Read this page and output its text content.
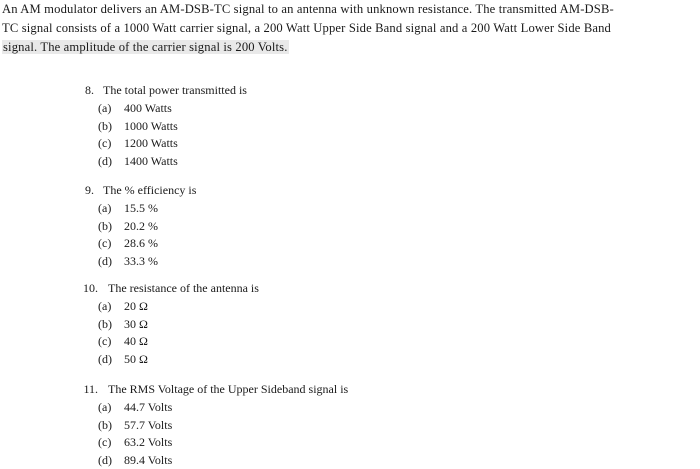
An AM modulator delivers an AM-DSB-TC signal to an antenna with unknown resistance. The transmitted AM-DSB-
TC signal consists of a 1000 Watt carrier signal, a 200 Watt Upper Side Band signal and a 200 Watt Lower Side Band
signal. The amplitude of the carrier signal is 200 Volts.
8. The total power transmitted is
(a) 400 Watts
(b) 1000 Watts
(c) 1200 Watts
(d) 1400 Watts
9. The % efficiency is
(a) 15.5 %
(b) 20.2 %
(c) 28.6 %
(d) 33.3 %
10. The resistance of the antenna is
(a) 20 Ω
(b) 30 Ω
(c) 40 Ω
(d) 50 Ω
11. The RMS Voltage of the Upper Sideband signal is
(a) 44.7 Volts
(b) 57.7 Volts
(c) 63.2 Volts
(d) 89.4 Volts
